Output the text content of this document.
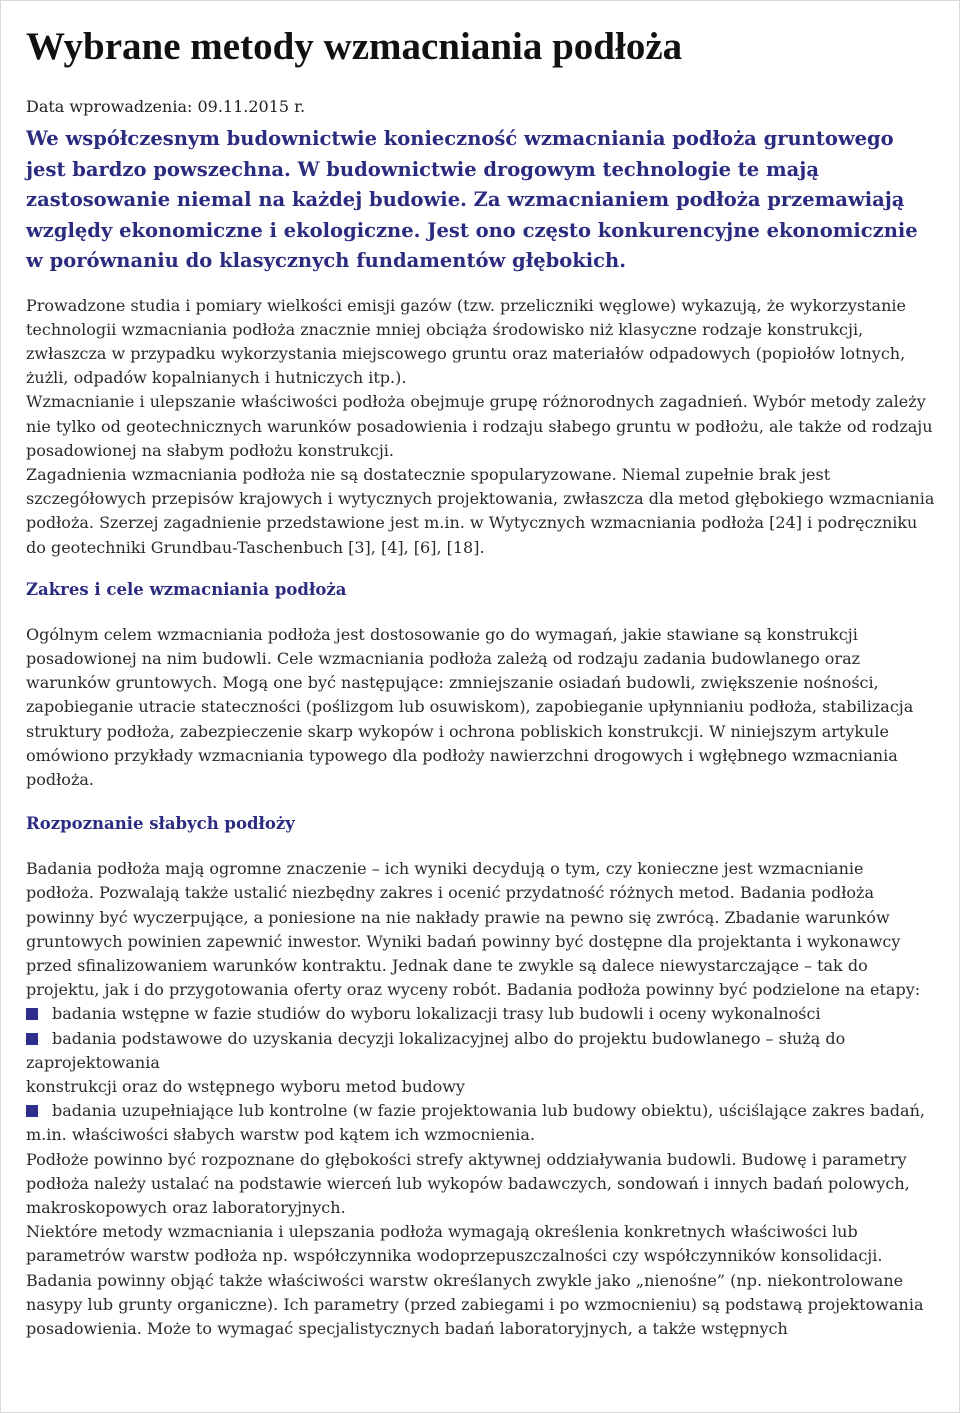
Wybrane metody wzmacniania podłoża
Data wprowadzenia: 09.11.2015 r.

We współczesnym budownictwie konieczność wzmacniania podłoża gruntowego jest bardzo powszechna. W budownictwie drogowym technologie te mają zastosowanie niemal na każdej budowie. Za wzmacnianiem podłoża przemawiają względy ekonomiczne i ekologiczne. Jest ono często konkurencyjne ekonomicznie w porównaniu do klasycznych fundamentów głębokich.

Prowadzone studia i pomiary wielkości emisji gazów (tzw. przeliczniki węglowe) wykazują, że wykorzystanie technologii wzmacniania podłoża znacznie mniej obciąża środowisko niż klasyczne rodzaje konstrukcji, zwłaszcza w przypadku wykorzystania miejscowego gruntu oraz materiałów odpadowych (popiołów lotnych, żużli, odpadów kopalnianych i hutniczych itp.).

Wzmacnianie i ulepszanie właściwości podłoża obejmuje grupę różnorodnych zagadnień. Wybór metody zależy nie tylko od geotechnicznych warunków posadowienia i rodzaju słabego gruntu w podłożu, ale także od rodzaju posadowionej na słabym podłożu konstrukcji.

Zagadnienia wzmacniania podłoża nie są dostatecznie spopularyzowane. Niemal zupełnie brak jest szczegółowych przepisów krajowych i wytycznych projektowania, zwłaszcza dla metod głębokiego wzmacniania podłoża. Szerzej zagadnienie przedstawione jest m.in. w Wytycznych wzmacniania podłoża [24] i podręczniku do geotechniki Grundbau-Taschenbuch [3], [4], [6], [18].

Zakres i cele wzmacniania podłoża

Ogólnym celem wzmacniania podłoża jest dostosowanie go do wymagań, jakie stawiane są konstrukcji posadowionej na nim budowli. Cele wzmacniania podłoża zależą od rodzaju zadania budowlanego oraz warunków gruntowych. Mogą one być następujące: zmniejszanie osiadań budowli, zwiększenie nośności, zapobieganie utracie stateczności (poślizgom lub osuwiskom), zapobieganie upłynnianiu podłoża, stabilizacja struktury podłoża, zabezpieczenie skarp wykopów i ochrona pobliskich konstrukcji. W niniejszym artykule omówiono przykłady wzmacniania typowego dla podłoży nawierzchni drogowych i wgłębnego wzmacniania podłoża.

Rozpoznanie słabych podłoży

Badania podłoża mają ogromne znaczenie – ich wyniki decydują o tym, czy konieczne jest wzmacnianie podłoża. Pozwalają także ustalić niezbędny zakres i ocenić przydatność różnych metod. Badania podłoża powinny być wyczerpujące, a poniesione na nie nakłady prawie na pewno się zwrócą. Zbadanie warunków gruntowych powinien zapewnić inwestor. Wyniki badań powinny być dostępne dla projektanta i wykonawcy przed sfinalizowaniem warunków kontraktu. Jednak dane te zwykle są dalece niewystarczające – tak do projektu, jak i do przygotowania oferty oraz wyceny robót. Badania podłoża powinny być podzielone na etapy:

badania wstępne w fazie studiów do wyboru lokalizacji trasy lub budowli i oceny wykonalności
badania podstawowe do uzyskania decyzji lokalizacyjnej albo do projektu budowlanego – służą do zaprojektowania

konstrukcji oraz do wstępnego wyboru metod budowy

badania uzupełniające lub kontrolne (w fazie projektowania lub budowy obiektu), uściślające zakres badań, m.in. właściwości słabych warstw pod kątem ich wzmocnienia.

Podłoże powinno być rozpoznane do głębokości strefy aktywnej oddziaływania budowli. Budowę i parametry podłoża należy ustalać na podstawie wierceń lub wykopów badawczych, sondowań i innych badań polowych, makroskopowych oraz laboratoryjnych.

Niektóre metody wzmacniania i ulepszania podłoża wymagają określenia konkretnych właściwości lub parametrów warstw podłoża np. współczynnika wodoprzepuszczalności czy współczynników konsolidacji.

Badania powinny objąć także właściwości warstw określanych zwykle jako „nienośne” (np. niekontrolowane nasypy lub grunty organiczne). Ich parametry (przed zabiegami i po wzmocnieniu) są podstawą projektowania posadowienia. Może to wymagać specjalistycznych badań laboratoryjnych, a także wstępnych
